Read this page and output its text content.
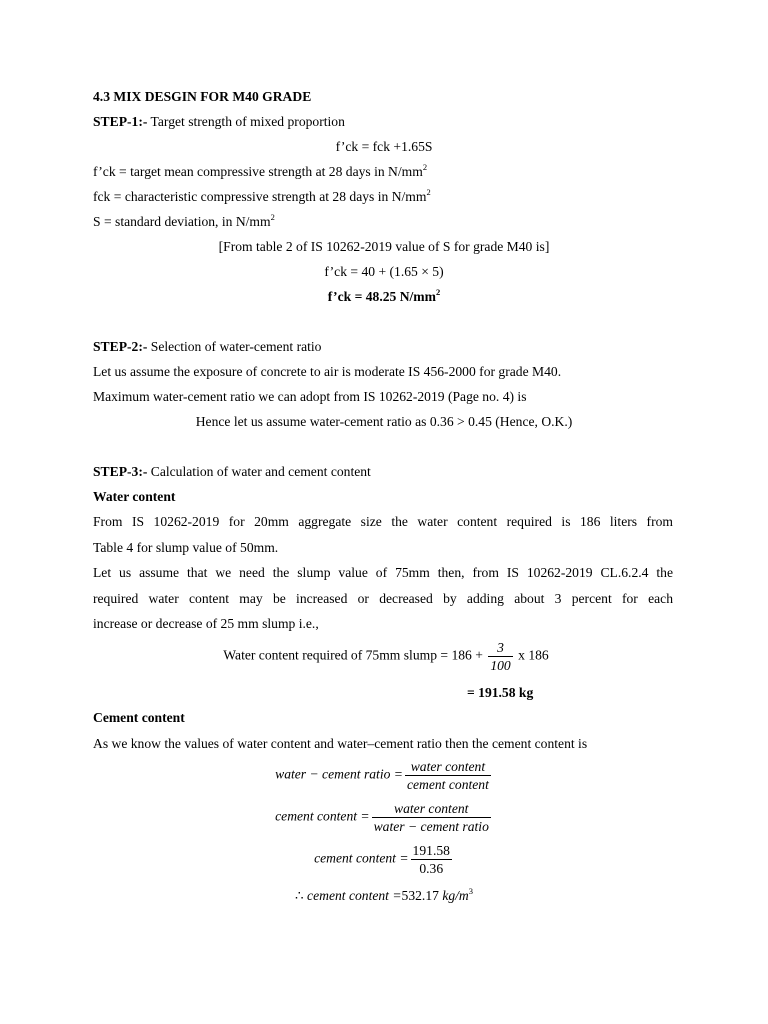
4.3 MIX DESGIN FOR M40 GRADE
STEP-1:- Target strength of mixed proportion
f’ck = fck +1.65S
f’ck = target mean compressive strength at 28 days in $N/mm^2$
fck = characteristic compressive strength at 28 days in $N/mm^2$
S = standard deviation, in $N/mm^2$
[From table 2 of IS 10262-2019 value of S for grade M40 is]
f’ck = 40 + (1.65 × 5)
f’ck = 48.25 $N/mm^2$
STEP-2:- Selection of water-cement ratio
Let us assume the exposure of concrete to air is moderate IS 456-2000 for grade M40.
Maximum water-cement ratio we can adopt from IS 10262-2019 (Page no. 4) is
Hence let us assume water-cement ratio as 0.36 > 0.45 (Hence, O.K.)
STEP-3:- Calculation of water and cement content
Water content
From IS 10262-2019 for 20mm aggregate size the water content required is 186 liters from
Table 4 for slump value of 50mm.
Let us assume that we need the slump value of 75mm then, from IS 10262-2019 CL.6.2.4 the
required water content may be increased or decreased by adding about 3 percent for each
increase or decrease of 25 mm slump i.e.,
Water content required of 75mm slump = $186 + \frac{3}{100}$ x 186
= 191.58 kg
Cement content
As we know the values of water content and water–cement ratio then the cement content is
water − cement ratio = $\frac{\text{water content}}{\text{cement content}}$
cement content = $\frac{\text{water content}}{\text{water − cement ratio}}$
cement content = $\frac{191.58}{0.36}$
∴ cement content =532.17 $kg/m^3$
